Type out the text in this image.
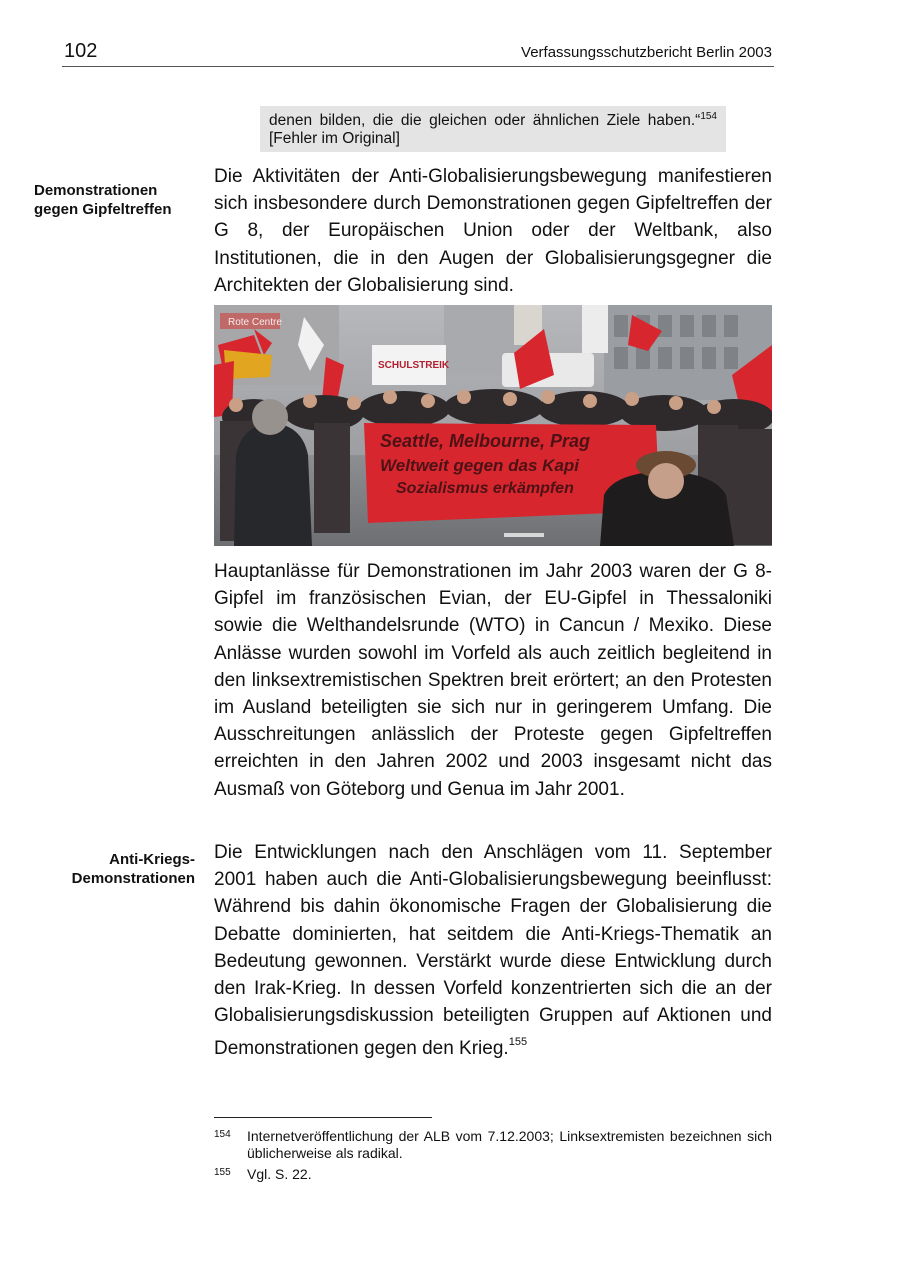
102	Verfassungsschutzbericht Berlin 2003
denen bilden, die die gleichen oder ähnlichen Ziele haben.“$^{154}$ [Fehler im Original]
Demonstrationen gegen Gipfeltreffen

Die Aktivitäten der Anti-Globalisierungsbewegung manifestieren sich insbesondere durch Demonstrationen gegen Gipfeltreffen der G 8, der Europäischen Union oder der Weltbank, also Institutionen, die in den Augen der Globalisierungsgegner die Architekten der Globalisierung sind.

Rote Centre
SCHULSTREIK
Seattle, Melbourne, Prag
Weltweit gegen das Kapi
Sozialismus erkämpfen

Hauptanlässe für Demonstrationen im Jahr 2003 waren der G 8-Gipfel im französischen Evian, der EU-Gipfel in Thessaloniki sowie die Welthandelsrunde (WTO) in Cancun / Mexiko. Diese Anlässe wurden sowohl im Vorfeld als auch zeitlich begleitend in den linksextremistischen Spektren breit erörtert; an den Protesten im Ausland beteiligten sie sich nur in geringerem Umfang. Die Ausschreitungen anlässlich der Proteste gegen Gipfeltreffen erreichten in den Jahren 2002 und 2003 insgesamt nicht das Ausmaß von Göteborg und Genua im Jahr 2001.

Anti-Kriegs-Demonstrationen

Die Entwicklungen nach den Anschlägen vom 11. September 2001 haben auch die Anti-Globalisierungsbewegung beeinflusst: Während bis dahin ökonomische Fragen der Globalisierung die Debatte dominierten, hat seitdem die Anti-Kriegs-Thematik an Bedeutung gewonnen. Verstärkt wurde diese Entwicklung durch den Irak-Krieg. In dessen Vorfeld konzentrierten sich die an der Globalisierungsdiskussion beteiligten Gruppen auf Aktionen und Demonstrationen gegen den Krieg.$^{155}$

154 Internetveröffentlichung der ALB vom 7.12.2003; Linksextremisten bezeichnen sich üblicherweise als radikal.
155 Vgl. S. 22.
